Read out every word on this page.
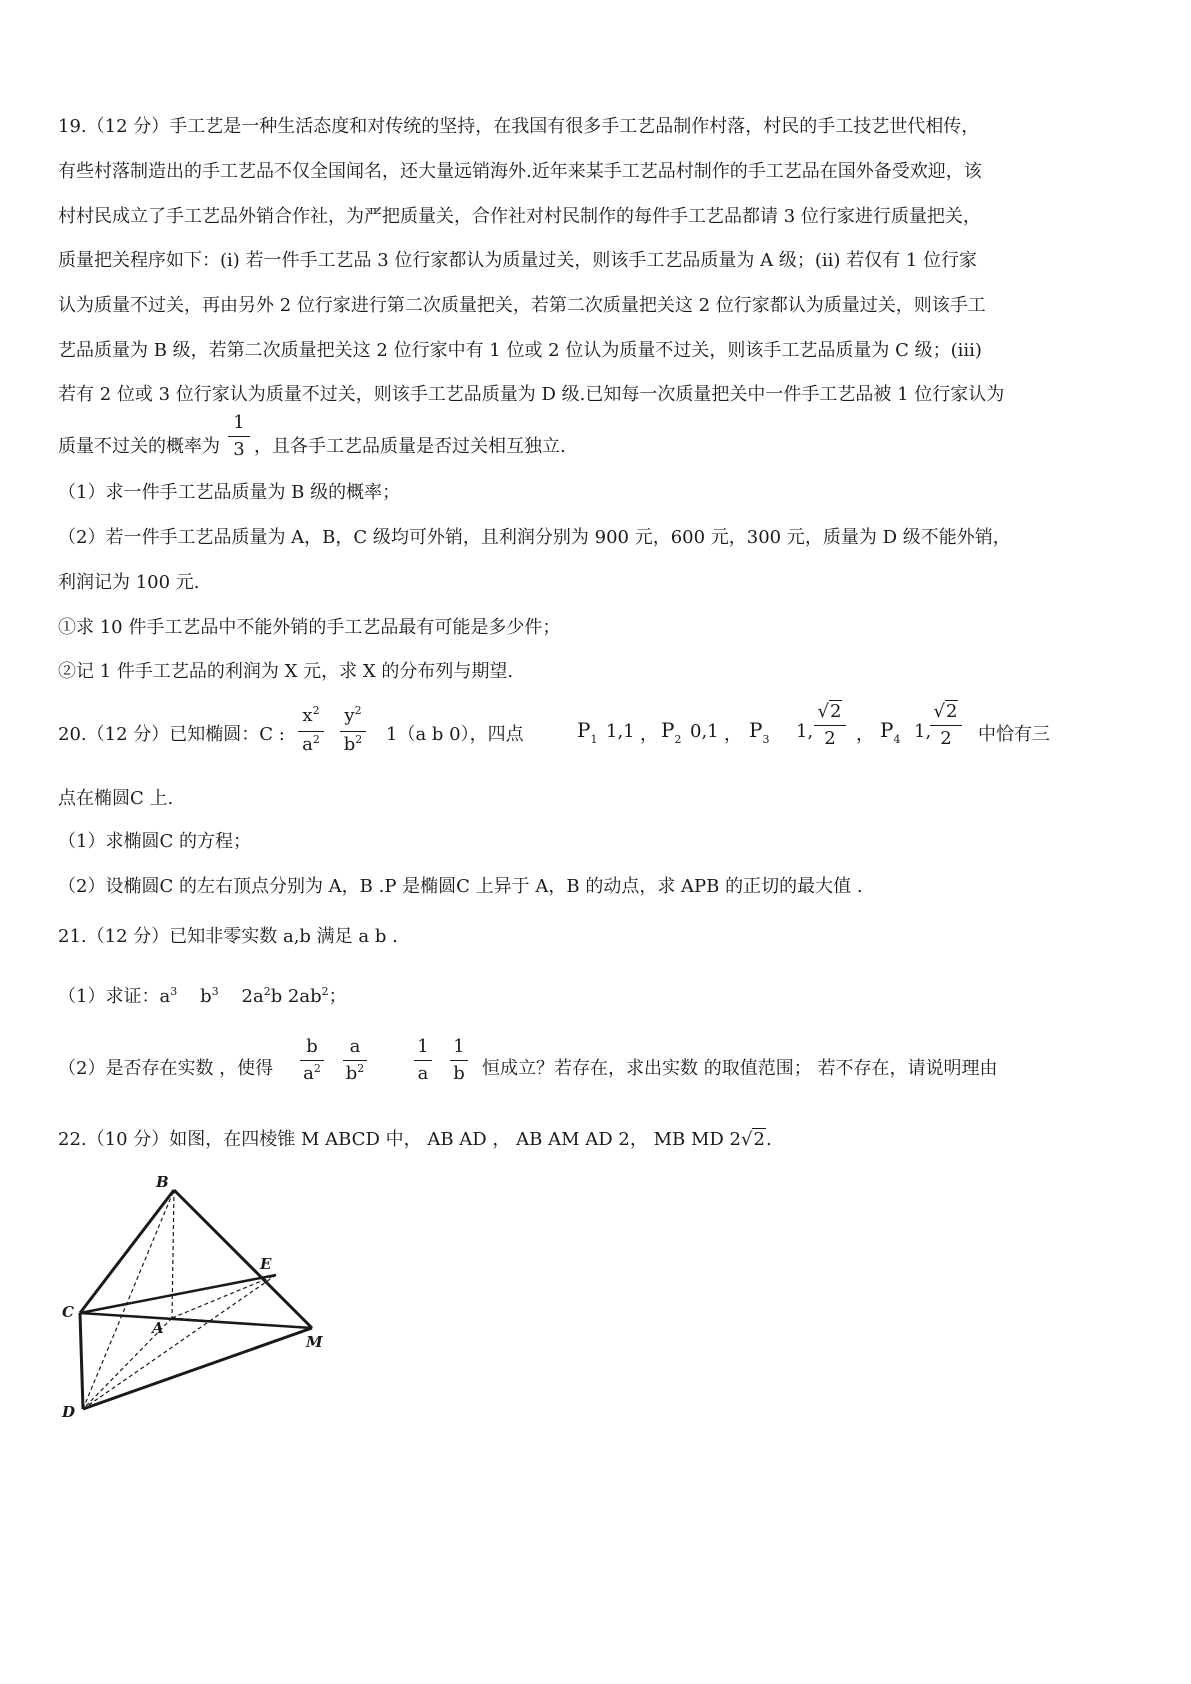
19.（12 分）手工艺是一种生活态度和对传统的坚持，在我国有很多手工艺品制作村落，村民的手工技艺世代相传，
有些村落制造出的手工艺品不仅全国闻名，还大量远销海外.近年来某手工艺品村制作的手工艺品在国外备受欢迎，该
村村民成立了手工艺品外销合作社，为严把质量关，合作社对村民制作的每件手工艺品都请 3 位行家进行质量把关，
质量把关程序如下：(ⅰ) 若一件手工艺品 3 位行家都认为质量过关，则该手工艺品质量为 A 级；(ⅱ) 若仅有 1 位行家
认为质量不过关，再由另外 2 位行家进行第二次质量把关，若第二次质量把关这 2 位行家都认为质量过关，则该手工
艺品质量为 B 级，若第二次质量把关这 2 位行家中有 1 位或 2 位认为质量不过关，则该手工艺品质量为 C 级；(ⅲ)
若有 2 位或 3 位行家认为质量不过关，则该手工艺品质量为 D 级.已知每一次质量把关中一件手工艺品被 1 位行家认为
质量不过关的概率为
1
3 ，且各手工艺品质量是否过关相互独立.
（1）求一件手工艺品质量为 B 级的概率；
（2）若一件手工艺品质量为 A，B，C 级均可外销，且利润分别为 900 元，600 元，300 元，质量为 D 级不能外销，
利润记为 100 元.
①求 10 件手工艺品中不能外销的手工艺品最有可能是多少件；
②记 1 件手工艺品的利润为 X 元，求 X 的分布列与期望.
20.（12 分）已知椭圆：C :
$x^2$
$a^2$
$y^2$
$b^2$ 1（a b 0），四点	$P_1$ 1,1 ， $P_2$ 0,1 ， $P_3$ 1,
√2
2	， $P_4$ 1,
√2
2	中恰有三
点在椭圆C 上.
（1）求椭圆C 的方程；
（2）设椭圆C 的左右顶点分别为 A，B .P 是椭圆C 上异于 A，B 的动点，求 APB 的正切的最大值 .
21.（12 分）已知非零实数 a,b 满足 a b .
（1）求证：$a^3$ $b^3$ $2a^2b$ $2ab^2$；
（2）是否存在实数 ，使得
b
$a^2$
a
$b^2$
1
a
1
b 恒成立？若存在，求出实数 的取值范围； 若不存在，请说明理由
22.（10 分）如图，在四棱锥 M ABCD 中， AB AD ， AB AM AD 2， MB MD 2√2.
B
E
C
A
M
D
